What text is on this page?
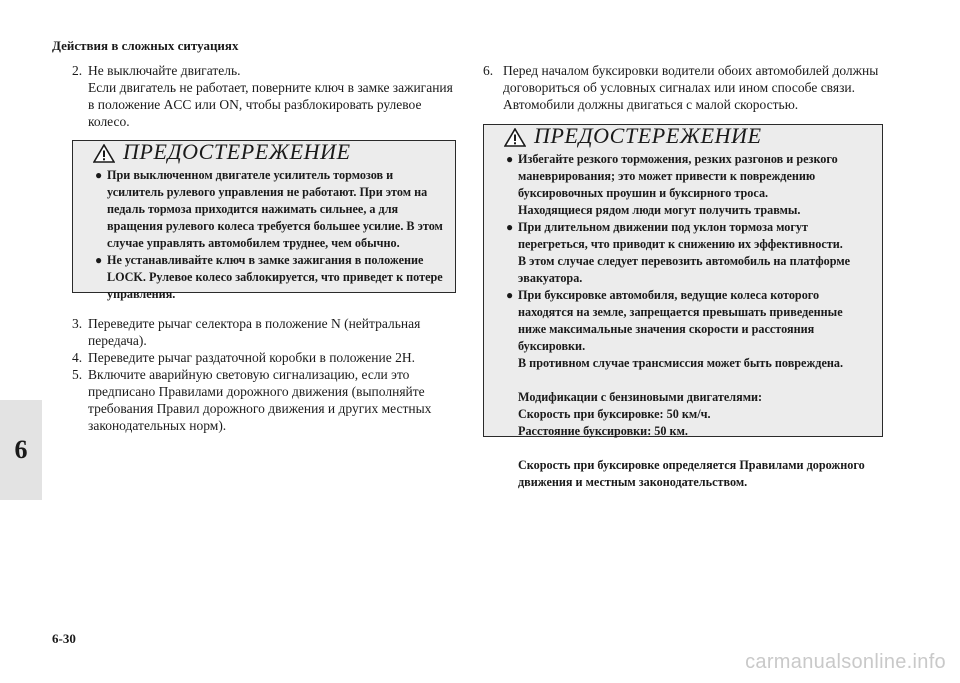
Действия в сложных ситуациях
6
2. Не выключайте двигатель.
Если двигатель не работает, поверните ключ в замке зажигания в положение ACC или ON, чтобы разблокировать рулевое колесо.
ПРЕДОСТЕРЕЖЕНИЕ
● При выключенном двигателе усилитель тормозов и усилитель рулевого управления не работают. При этом на педаль тормоза приходится нажимать сильнее, а для вращения рулевого колеса требуется большее усилие. В этом случае управлять автомобилем труднее, чем обычно.
● Не устанавливайте ключ в замке зажигания в положение LOCK. Рулевое колесо заблокируется, что приведет к потере управления.
3. Переведите рычаг селектора в положение N (нейтральная передача).
4. Переведите рычаг раздаточной коробки в положение 2H.
5. Включите аварийную световую сигнализацию, если это предписано Правилами дорожного движения (выполняйте требования Правил дорожного движения и других местных законодательных норм).
6. Перед началом буксировки водители обоих автомобилей должны договориться об условных сигналах или ином способе связи. Автомобили должны двигаться с малой скоростью.
ПРЕДОСТЕРЕЖЕНИЕ
● Избегайте резкого торможения, резких разгонов и резкого маневрирования; это может привести к повреждению буксировочных проушин и буксирного троса.
Находящиеся рядом люди могут получить травмы.
● При длительном движении под уклон тормоза могут перегреться, что приводит к снижению их эффективности.
В этом случае следует перевозить автомобиль на платформе эвакуатора.
● При буксировке автомобиля, ведущие колеса которого находятся на земле, запрещается превышать приведенные ниже максимальные значения скорости и расстояния буксировки.
В противном случае трансмиссия может быть повреждена.
Модификации с бензиновыми двигателями:
Скорость при буксировке: 50 км/ч.
Расстояние буксировки: 50 км.
Скорость при буксировке определяется Правилами дорожного движения и местным законодательством.
6-30
carmanualsonline.info
